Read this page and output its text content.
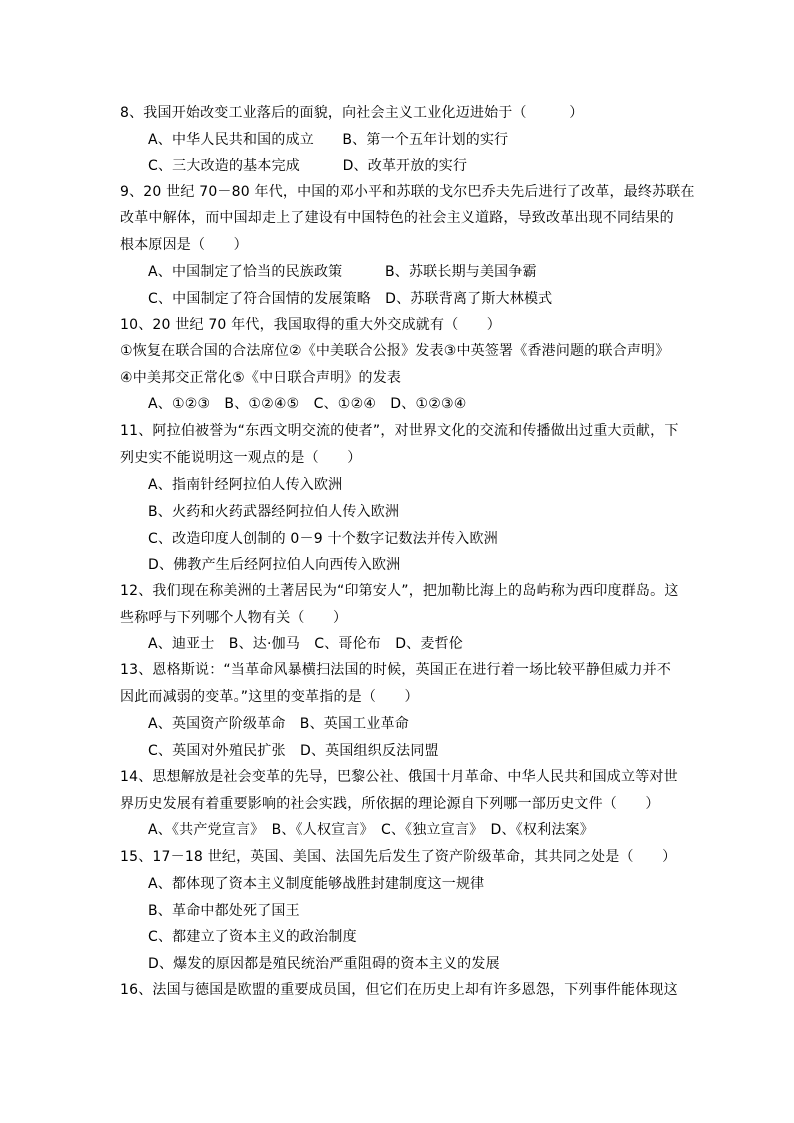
8、我国开始改变工业落后的面貌，向社会主义工业化迈进始于（　　　）
A、中华人民共和国的成立　　B、第一个五年计划的实行
C、三大改造的基本完成　　　D、改革开放的实行
9、20 世纪 70－80 年代，中国的邓小平和苏联的戈尔巴乔夫先后进行了改革，最终苏联在
改革中解体，而中国却走上了建设有中国特色的社会主义道路，导致改革出现不同结果的
根本原因是（　　）
A、中国制定了恰当的民族政策　　　B、苏联长期与美国争霸
C、中国制定了符合国情的发展策略　D、苏联背离了斯大林模式
10、20 世纪 70 年代，我国取得的重大外交成就有（　　）
①恢复在联合国的合法席位②《中美联合公报》发表③中英签署《香港问题的联合声明》
④中美邦交正常化⑤《中日联合声明》的发表
A、①②③　B、①②④⑤　C、①②④　D、①②③④
11、阿拉伯被誉为“东西文明交流的使者”，对世界文化的交流和传播做出过重大贡献，下
列史实不能说明这一观点的是（　　）
A、指南针经阿拉伯人传入欧洲
B、火药和火药武器经阿拉伯人传入欧洲
C、改造印度人创制的 0－9 十个数字记数法并传入欧洲
D、佛教产生后经阿拉伯人向西传入欧洲
12、我们现在称美洲的土著居民为“印第安人”，把加勒比海上的岛屿称为西印度群岛。这
些称呼与下列哪个人物有关（　　）
A、迪亚士　B、达·伽马　C、哥伦布　D、麦哲伦
13、恩格斯说：“当革命风暴横扫法国的时候，英国正在进行着一场比较平静但威力并不
因此而减弱的变革。”这里的变革指的是（　　）
A、英国资产阶级革命　B、英国工业革命
C、英国对外殖民扩张　D、英国组织反法同盟
14、思想解放是社会变革的先导，巴黎公社、俄国十月革命、中华人民共和国成立等对世
界历史发展有着重要影响的社会实践，所依据的理论源自下列哪一部历史文件（　　）
A、《共产党宣言》　B、《人权宣言》　C、《独立宣言》　D、《权利法案》
15、17－18 世纪，英国、美国、法国先后发生了资产阶级革命，其共同之处是（　　）
A、都体现了资本主义制度能够战胜封建制度这一规律
B、革命中都处死了国王
C、都建立了资本主义的政治制度
D、爆发的原因都是殖民统治严重阻碍的资本主义的发展
16、法国与德国是欧盟的重要成员国，但它们在历史上却有许多恩怨，下列事件能体现这
